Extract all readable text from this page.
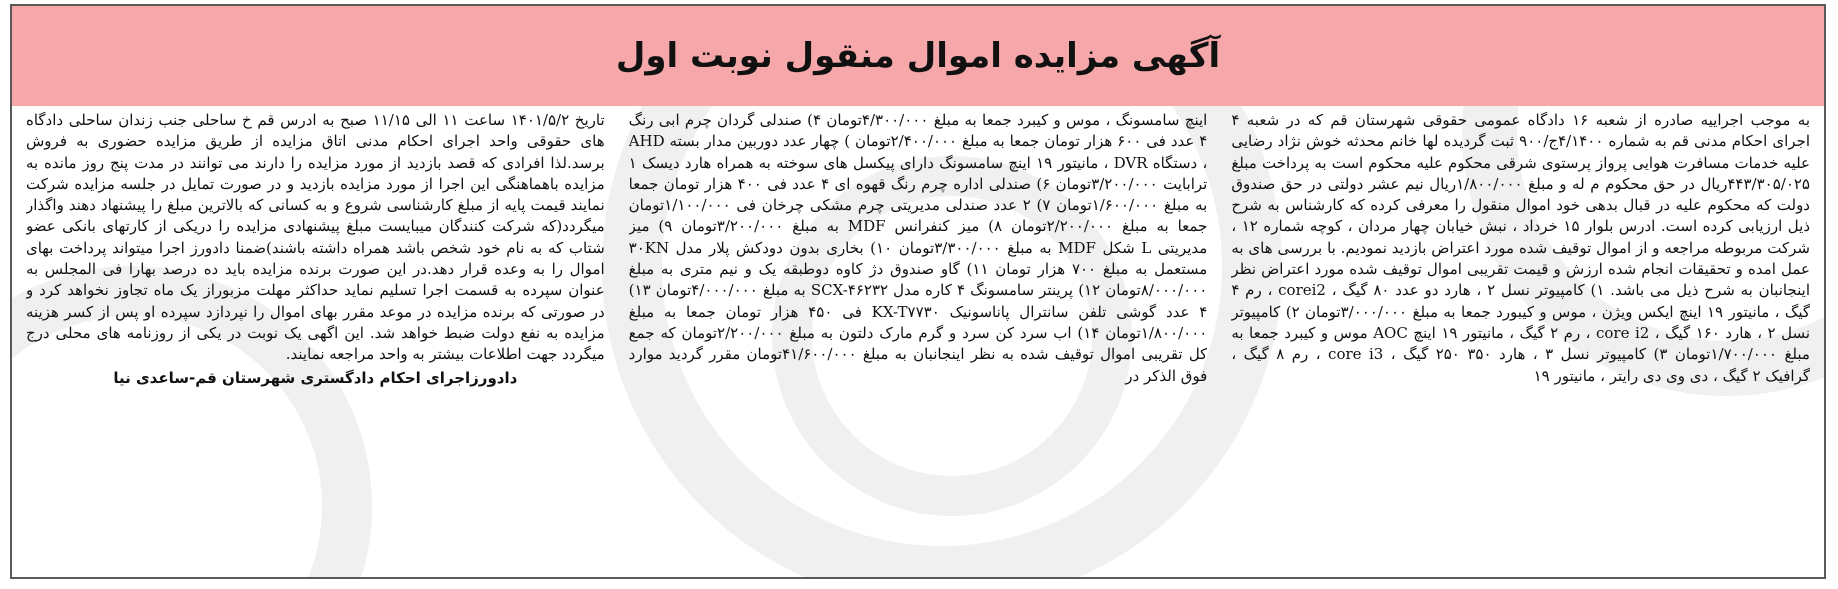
آگهی مزایده اموال منقول نوبت اول

به موجب اجراییه صادره از شعبه ۱۶ دادگاه عمومی حقوقی شهرستان قم که در شعبه ۴ اجرای احکام مدنی قم به شماره ۴/۱۴۰۰ج/۹۰۰ ثبت گردیده لها خانم محدثه خوش نژاد رضایی علیه خدمات مسافرت هوایی پرواز پرستوی شرقی محکوم علیه محکوم است به پرداخت مبلغ ۴۴۳/۳۰۵/۰۲۵ریال در حق محکوم م له و مبلغ ۱/۸۰۰/۰۰۰ریال نیم عشر دولتی در حق صندوق دولت که محکوم علیه در قبال بدهی خود اموال منقول را معرفی کرده که کارشناس به شرح ذیل ارزیابی کرده است. ادرس بلوار ۱۵ خرداد ، نبش خیابان چهار مردان ، کوچه شماره ۱۲ ، شرکت مربوطه مراجعه و از اموال توقیف شده مورد اعتراض بازدید نمودیم. با بررسی های به عمل امده و تحقیقات انجام شده ارزش و قیمت تقریبی اموال توقیف شده مورد اعتراض نظر اینجانبان به شرح ذیل می باشد. ۱) کامپیوتر نسل ۲ ، هارد دو عدد ۸۰ گیگ ، corei2 ، رم ۴ گیگ ، مانیتور ۱۹ اینچ ایکس ویژن ، موس و کیبورد جمعا به مبلغ ۳/۰۰۰/۰۰۰تومان ۲) کامپیوتر نسل ۲ ، هارد ۱۶۰ گیگ ، core i2 ، رم ۲ گیگ ، مانیتور ۱۹ اینچ AOC موس و کیبرد جمعا به مبلغ ۱/۷۰۰/۰۰۰تومان ۳) کامپیوتر نسل ۳ ، هارد ۳۵۰ ۲۵۰ گیگ ، core i3 ، رم ۸ گیگ ، گرافیک ۲ گیگ ، دی وی دی رایتر ، مانیتور ۱۹

اینچ سامسونگ ، موس و کیبرد جمعا به مبلغ ۴/۳۰۰/۰۰۰تومان ۴) صندلی گردان چرم ابی رنگ ۴ عدد فی ۶۰۰ هزار تومان جمعا به مبلغ ۲/۴۰۰/۰۰۰تومان ) چهار عدد دوربین مدار بسته AHD ، دستگاه DVR ، مانیتور ۱۹ اینچ سامسونگ دارای پیکسل های سوخته به همراه هارد دیسک ۱ ترابایت ۳/۲۰۰/۰۰۰تومان ۶) صندلی اداره چرم رنگ قهوه ای ۴ عدد فی ۴۰۰ هزار تومان جمعا به مبلغ ۱/۶۰۰/۰۰۰تومان ۷) ۲ عدد صندلی مدیریتی چرم مشکی چرخان فی ۱/۱۰۰/۰۰۰تومان جمعا به مبلغ ۲/۲۰۰/۰۰۰تومان ۸) میز کنفرانس MDF به مبلغ ۳/۲۰۰/۰۰۰تومان ۹) میز مدیریتی L شکل MDF به مبلغ ۳/۳۰۰/۰۰۰تومان ۱۰) بخاری بدون دودکش پلار مدل ۳۰KN مستعمل به مبلغ ۷۰۰ هزار تومان ۱۱) گاو صندوق دژ کاوه دوطبقه یک و نیم متری به مبلغ ۸/۰۰۰/۰۰۰تومان ۱۲) پرینتر سامسونگ ۴ کاره مدل SCX-۴۶۲۳۲ به مبلغ ۴/۰۰۰/۰۰۰تومان ۱۳) ۴ عدد گوشی تلفن سانترال پاناسونیک KX-T۷۷۳۰ فی ۴۵۰ هزار تومان جمعا به مبلغ ۱/۸۰۰/۰۰۰تومان ۱۴) اب سرد کن سرد و گرم مارک دلتون به مبلغ ۲/۲۰۰/۰۰۰تومان که جمع کل تقریبی اموال توقیف شده به نظر اینجانبان به مبلغ ۴۱/۶۰۰/۰۰۰تومان مقرر گردید موارد فوق الذکر در

تاریخ ۱۴۰۱/۵/۲ ساعت ۱۱ الی ۱۱/۱۵ صبح به ادرس قم خ ساحلی جنب زندان ساحلی دادگاه های حقوقی واحد اجرای احکام مدنی اتاق مزایده از طریق مزایده حضوری به فروش برسد.لذا افرادی که قصد بازدید از مورد مزایده را دارند می توانند در مدت پنج روز مانده به مزایده باهماهنگی این اجرا از مورد مزایده بازدید و در صورت تمایل در جلسه مزایده شرکت نمایند قیمت پایه از مبلغ کارشناسی شروع و به کسانی که بالاترین مبلغ را پیشنهاد دهند واگذار میگردد(که شرکت کنندگان میبایست مبلغ پیشنهادی مزایده را دریکی از کارتهای بانکی عضو شتاب که به نام خود شخص باشد همراه داشته باشند)ضمنا دادورز اجرا میتواند پرداخت بهای اموال را به وعده قرار دهد.در این صورت برنده مزایده باید ده درصد بهارا فی المجلس به عنوان سپرده به قسمت اجرا تسلیم نماید حداکثر مهلت مزبوراز یک ماه تجاوز نخواهد کرد و در صورتی که برنده مزایده در موعد مقرر بهای اموال را نپردازد سپرده او پس از کسر هزینه مزایده به نفع دولت ضبط خواهد شد. این اگهی یک نوبت در یکی از روزنامه های محلی درج میگردد جهت اطلاعات بیشتر به واحد مراجعه نمایند.

دادورزاجرای احکام دادگستری شهرستان قم-ساعدی نیا
